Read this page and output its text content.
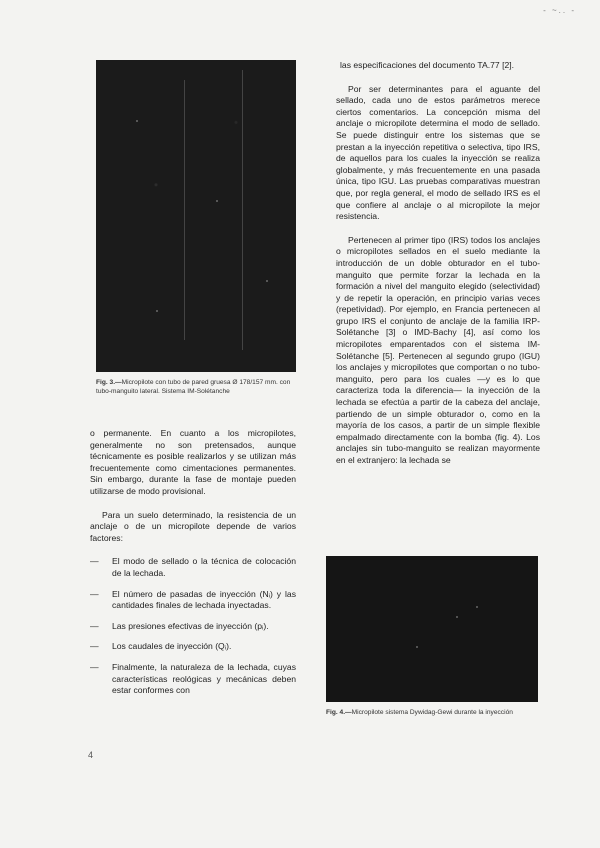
- ~.. -
Fig. 3.—Micropilote con tubo de pared gruesa Ø 178/157 mm. con tubo-manguito lateral. Sistema IM-Solétanche

o permanente. En cuanto a los micropilotes, generalmente no son pretensados, aunque técnicamente es posible realizarlos y se utilizan más frecuentemente como cimentaciones permanentes. Sin embargo, durante la fase de montaje pueden utilizarse de modo provisional.

Para un suelo determinado, la resistencia de un anclaje o de un micropilote depende de varios factores:

— El modo de sellado o la técnica de colocación de la lechada.
— El número de pasadas de inyección (Nᵢ) y las cantidades finales de lechada inyectadas.
— Las presiones efectivas de inyección (pᵢ).
— Los caudales de inyección (Qᵢ).
— Finalmente, la naturaleza de la lechada, cuyas características reológicas y mecánicas deben estar conformes con

las especificaciones del documento TA.77 [2].

Por ser determinantes para el aguante del sellado, cada uno de estos parámetros merece ciertos comentarios. La concepción misma del anclaje o micropilote determina el modo de sellado. Se puede distinguir entre los sistemas que se prestan a la inyección repetitiva o selectiva, tipo IRS, de aquellos para los cuales la inyección se realiza globalmente, y más frecuentemente en una pasada única, tipo IGU. Las pruebas comparativas muestran que, por regla general, el modo de sellado IRS es el que confiere al anclaje o al micropilote la mejor resistencia.

Pertenecen al primer tipo (IRS) todos los anclajes o micropilotes sellados en el suelo mediante la introducción de un doble obturador en el tubo-manguito que permite forzar la lechada en la formación a nivel del manguito elegido (selectividad) y de repetir la operación, en principio varias veces (repetividad). Por ejemplo, en Francia pertenecen al grupo IRS el conjunto de anclaje de la familia IRP-Solétanche [3] o IMD-Bachy [4], así como los micropilotes emparentados con el sistema IM-Solétanche [5]. Pertenecen al segundo grupo (IGU) los anclajes y micropilotes que comportan o no tubo-manguito, pero para los cuales —y es lo que caracteriza toda la diferencia— la inyección de la lechada se efectúa a partir de la cabeza del anclaje, partiendo de un simple obturador o, como en la mayoría de los casos, a partir de un simple flexible empalmado directamente con la bomba (fig. 4). Los anclajes sin tubo-manguito se realizan mayormente en el extranjero: la lechada se

Fig. 4.—Micropilote sistema Dywidag-Gewi durante la inyección
4
